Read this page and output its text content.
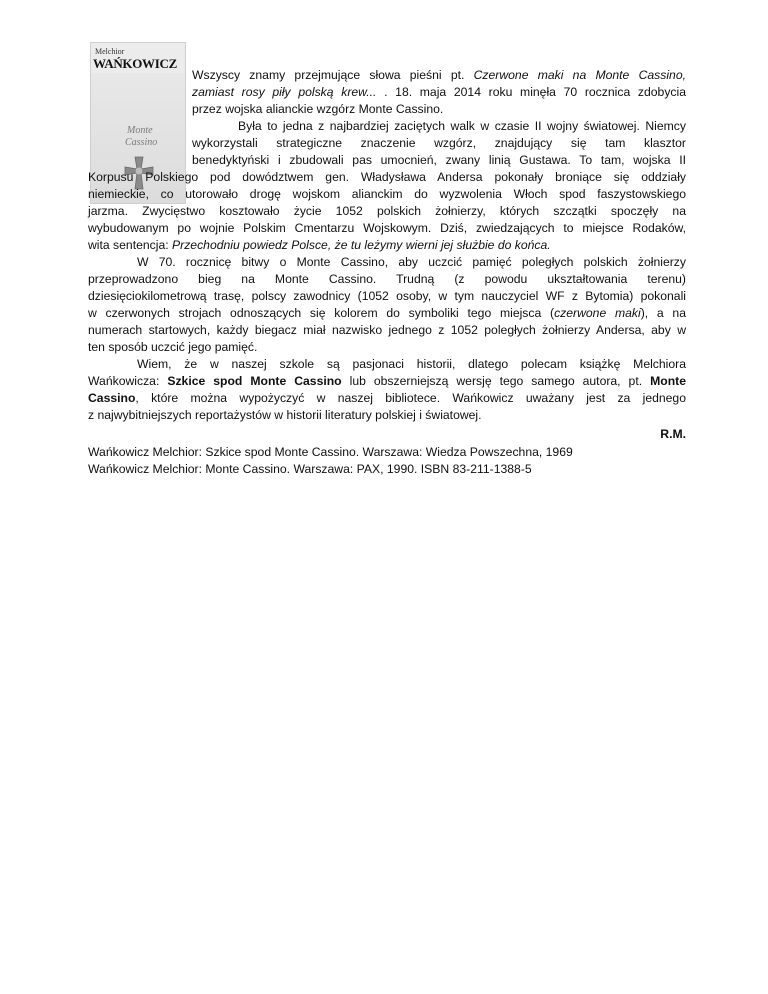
Melchior
WAŃKOWICZ
Monte
Cassino
Wszyscy znamy przejmujące słowa pieśni pt. Czerwone maki na Monte Cassino,
zamiast rosy piły polską krew... . 18. maja 2014 roku minęła 70 rocznica zdobycia
przez wojska alianckie wzgórz Monte Cassino.
Była to jedna z najbardziej zaciętych walk w czasie II wojny światowej. Niemcy
wykorzystali strategiczne znaczenie wzgórz, znajdujący się tam klasztor
benedyktyński i zbudowali pas umocnień, zwany linią Gustawa. To tam, wojska II
Korpusu Polskiego pod dowództwem gen. Władysława Andersa pokonały broniące się oddziały
niemieckie, co utorowało drogę wojskom alianckim do wyzwolenia Włoch spod faszystowskiego
jarzma. Zwycięstwo kosztowało życie 1052 polskich żołnierzy, których szczątki spoczęły na
wybudowanym po wojnie Polskim Cmentarzu Wojskowym. Dziś, zwiedzających to miejsce Rodaków,
wita sentencja: Przechodniu powiedz Polsce, że tu leżymy wierni jej służbie do końca.
W 70. rocznicę bitwy o Monte Cassino, aby uczcić pamięć poległych polskich żołnierzy
przeprowadzono bieg na Monte Cassino. Trudną (z powodu ukształtowania terenu)
dziesięciokilometrową trasę, polscy zawodnicy (1052 osoby, w tym nauczyciel WF z Bytomia) pokonali
w czerwonych strojach odnoszących się kolorem do symboliki tego miejsca (czerwone maki), a na
numerach startowych, każdy biegacz miał nazwisko jednego z 1052 poległych żołnierzy Andersa, aby w
ten sposób uczcić jego pamięć.
Wiem, że w naszej szkole są pasjonaci historii, dlatego polecam książkę Melchiora
Wańkowicza: Szkice spod Monte Cassino lub obszerniejszą wersję tego samego autora, pt. Monte
Cassino, które można wypożyczyć w naszej bibliotece. Wańkowicz uważany jest za jednego
z najwybitniejszych reportażystów w historii literatury polskiej i światowej.
R.M.
Wańkowicz Melchior: Szkice spod Monte Cassino. Warszawa: Wiedza Powszechna, 1969
Wańkowicz Melchior: Monte Cassino. Warszawa: PAX, 1990. ISBN 83-211-1388-5
